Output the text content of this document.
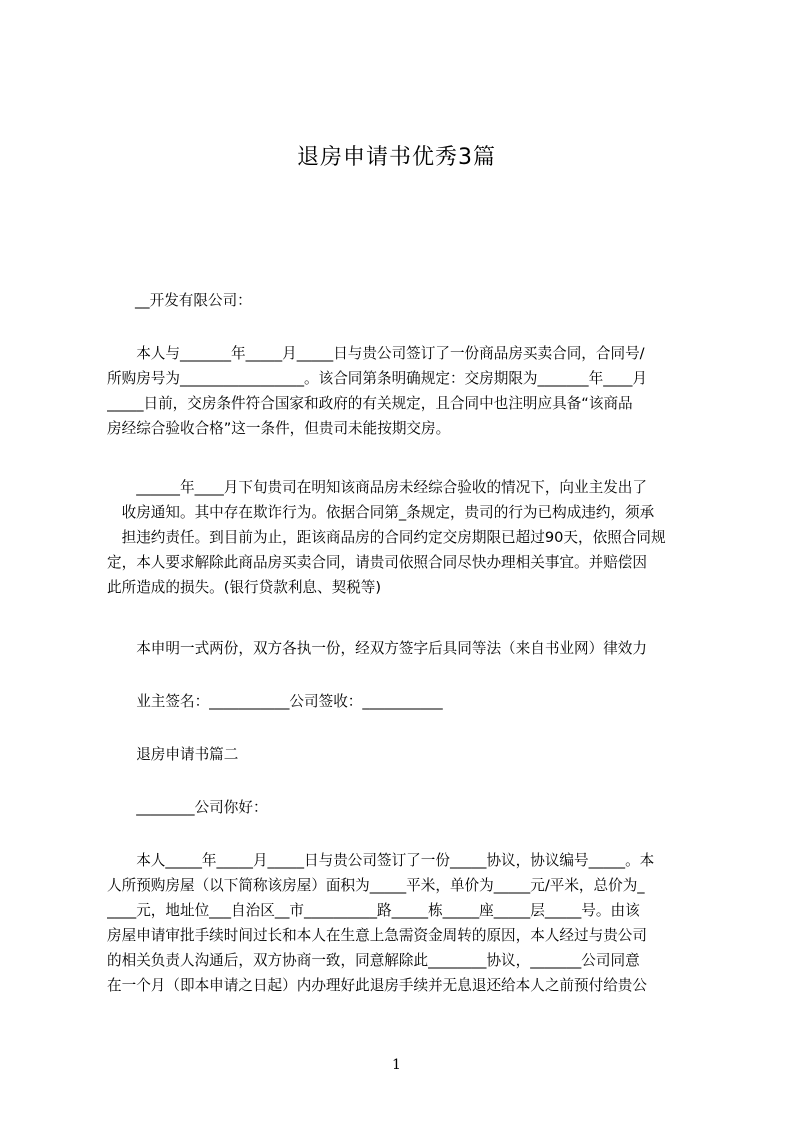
退房申请书优秀3篇
__开发有限公司：
　　本人与_______年_____月_____日与贵公司签订了一份商品房买卖合同，合同号/
所购房号为_________________。该合同第条明确规定：交房期限为_______年____月
_____日前，交房条件符合国家和政府的有关规定，且合同中也注明应具备“该商品
房经综合验收合格”这一条件，但贵司未能按期交房。
　　______年____月下旬贵司在明知该商品房未经综合验收的情况下，向业主发出了
　收房通知。其中存在欺诈行为。依据合同第_条规定，贵司的行为已构成违约，须承
　担违约责任。到目前为止，距该商品房的合同约定交房期限已超过90天，依照合同规
定，本人要求解除此商品房买卖合同，请贵司依照合同尽快办理相关事宜。并赔偿因
此所造成的损失。(银行贷款利息、契税等)
　　本申明一式两份，双方各执一份，经双方签字后具同等法（来自书业网）律效力
　　业主签名：___________公司签收：___________
　　退房申请书篇二
　　________公司你好：
　　本人_____年_____月_____日与贵公司签订了一份_____协议，协议编号_____。本
人所预购房屋（以下简称该房屋）面积为_____平米，单价为_____元/平米，总价为_
____元，地址位___自治区__市__________路_____栋_____座_____层_____号。由该
房屋申请审批手续时间过长和本人在生意上急需资金周转的原因，本人经过与贵公司
的相关负责人沟通后，双方协商一致，同意解除此________协议，_______公司同意
在一个月（即本申请之日起）内办理好此退房手续并无息退还给本人之前预付给贵公
1
